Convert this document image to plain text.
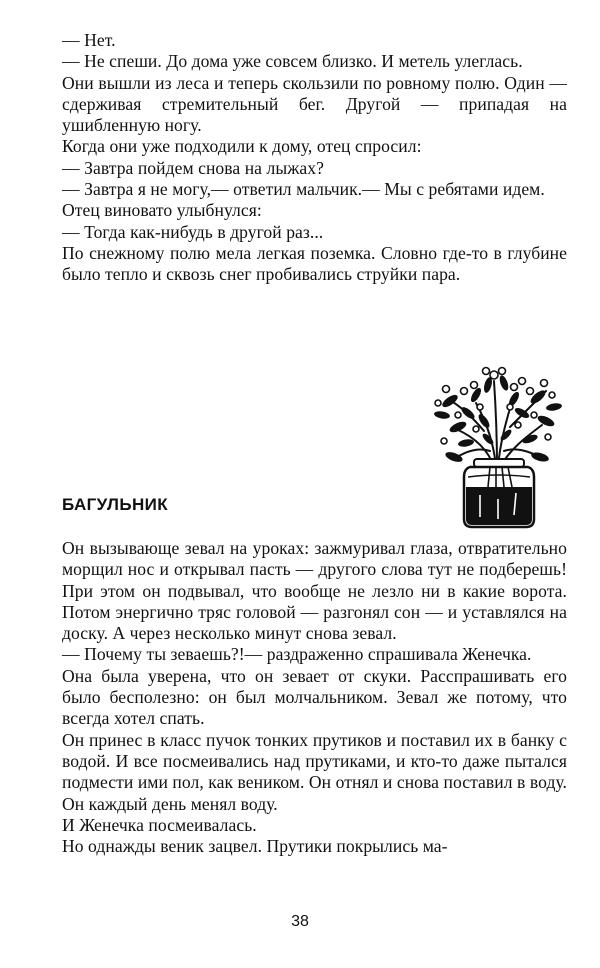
— Нет.

— Не спеши. До дома уже совсем близко. И метель улеглась.

Они вышли из леса и теперь скользили по ровному полю. Один — сдерживая стремительный бег. Другой — припадая на ушибленную ногу.

Когда они уже подходили к дому, отец спросил:

— Завтра пойдем снова на лыжах?

— Завтра я не могу,— ответил мальчик.— Мы с ребятами идем.

Отец виновато улыбнулся:

— Тогда как-нибудь в другой раз...

По снежному полю мела легкая поземка. Словно где-то в глубине было тепло и сквозь снег пробивались струйки пара.

БАГУЛЬНИК

Он вызывающе зевал на уроках: зажмуривал глаза, отвратительно морщил нос и открывал пасть — другого слова тут не подберешь! При этом он подвывал, что вообще не лезло ни в какие ворота. Потом энергично тряс головой — разгонял сон — и уставлялся на доску. А через несколько минут снова зевал.

— Почему ты зеваешь?!— раздраженно спрашивала Женечка.

Она была уверена, что он зевает от скуки. Расспрашивать его было бесполезно: он был молчальником. Зевал же потому, что всегда хотел спать.

Он принес в класс пучок тонких прутиков и поставил их в банку с водой. И все посмеивались над прутиками, и кто-то даже пытался подмести ими пол, как веником. Он отнял и снова поставил в воду. Он каждый день менял воду.

И Женечка посмеивалась.

Но однажды веник зацвел. Прутики покрылись ма-

38
